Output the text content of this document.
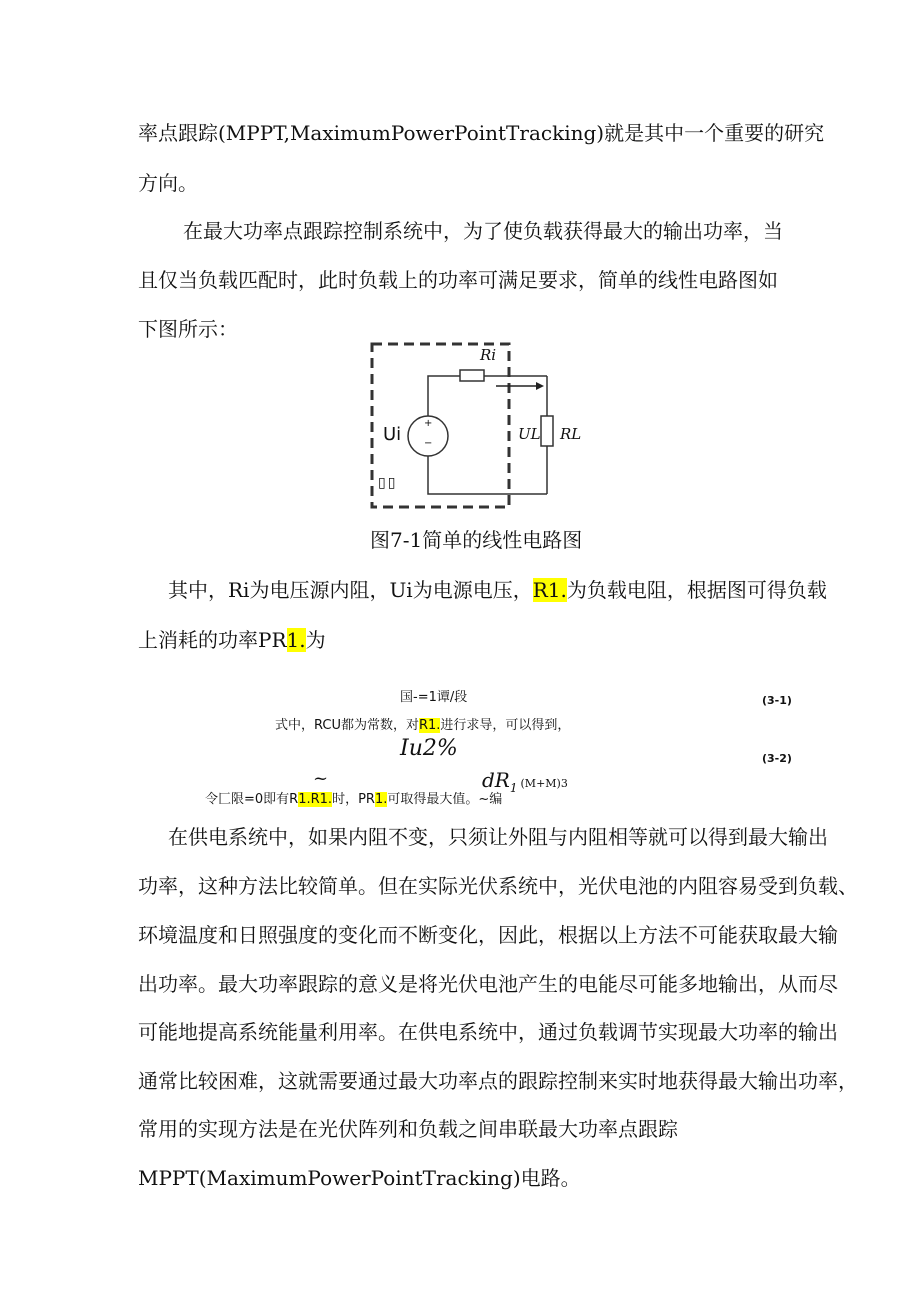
率点跟踪(MPPT,MaximumPowerPointTracking)就是其中一个重要的研究
方向。
在最大功率点跟踪控制系统中，为了使负载获得最大的输出功率，当
且仅当负载匹配时，此时负载上的功率可满足要求，简单的线性电路图如
下图所示：
Ri
Ui
+
−
UL RL
▯▯
图7-1简单的线性电路图
其中，Ri为电压源内阻，Ui为电源电压，R1.为负载电阻，根据图可得负载
上消耗的功率PR1.为
国-=1谭/段	(3-1)
式中，RCU都为常数，对R1.进行求导，可以得到，
Ιu2%	(3-2)
~	$dR_1$ (M+M)3
令匚限=0即有R1.R1.时，PR1.可取得最大值。~编
在供电系统中，如果内阻不变，只须让外阻与内阻相等就可以得到最大输出
功率，这种方法比较简单。但在实际光伏系统中，光伏电池的内阻容易受到负载、
环境温度和日照强度的变化而不断变化，因此，根据以上方法不可能获取最大输
出功率。最大功率跟踪的意义是将光伏电池产生的电能尽可能多地输出，从而尽
可能地提高系统能量利用率。在供电系统中，通过负载调节实现最大功率的输出
通常比较困难，这就需要通过最大功率点的跟踪控制来实时地获得最大输出功率，
常用的实现方法是在光伏阵列和负载之间串联最大功率点跟踪
MPPT(MaximumPowerPointTracking)电路。
